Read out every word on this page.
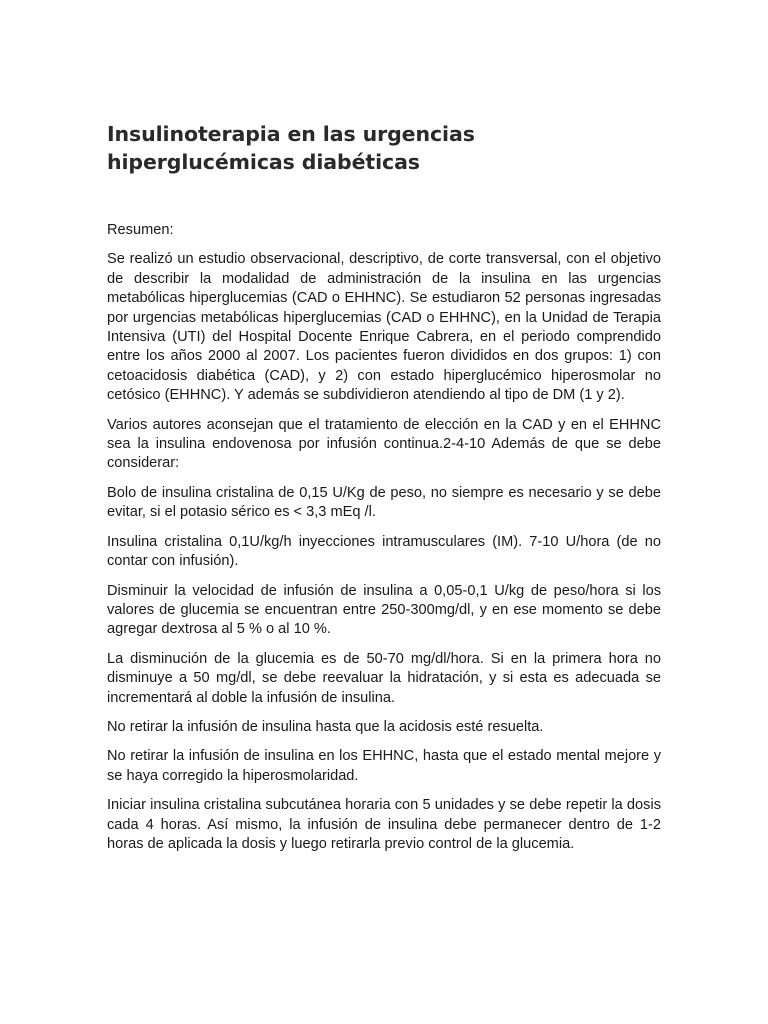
Insulinoterapia en las urgencias hiperglucémicas diabéticas

Resumen:

Se realizó un estudio observacional, descriptivo, de corte transversal, con el objetivo de describir la modalidad de administración de la insulina en las urgencias metabólicas hiperglucemias (CAD o EHHNC). Se estudiaron 52 personas ingresadas por urgencias metabólicas hiperglucemias (CAD o EHHNC), en la Unidad de Terapia Intensiva (UTI) del Hospital Docente Enrique Cabrera, en el periodo comprendido entre los años 2000 al 2007. Los pacientes fueron divididos en dos grupos: 1) con cetoacidosis diabética (CAD), y 2) con estado hiperglucémico hiperosmolar no cetósico (EHHNC). Y además se subdividieron atendiendo al tipo de DM (1 y 2).

Varios autores aconsejan que el tratamiento de elección en la CAD y en el EHHNC sea la insulina endovenosa por infusión continua.2-4-10 Además de que se debe considerar:

Bolo de insulina cristalina de 0,15 U/Kg de peso, no siempre es necesario y se debe evitar, si el potasio sérico es < 3,3 mEq /l.

Insulina cristalina 0,1U/kg/h inyecciones intramusculares (IM). 7-10 U/hora (de no contar con infusión).

Disminuir la velocidad de infusión de insulina a 0,05-0,1 U/kg de peso/hora si los valores de glucemia se encuentran entre 250-300mg/dl, y en ese momento se debe agregar dextrosa al 5 % o al 10 %.

La disminución de la glucemia es de 50-70 mg/dl/hora. Si en la primera hora no disminuye a 50 mg/dl, se debe reevaluar la hidratación, y si esta es adecuada se incrementará al doble la infusión de insulina.

No retirar la infusión de insulina hasta que la acidosis esté resuelta.

No retirar la infusión de insulina en los EHHNC, hasta que el estado mental mejore y se haya corregido la hiperosmolaridad.

Iniciar insulina cristalina subcutánea horaria con 5 unidades y se debe repetir la dosis cada 4 horas. Así mismo, la infusión de insulina debe permanecer dentro de 1-2 horas de aplicada la dosis y luego retirarla previo control de la glucemia.
